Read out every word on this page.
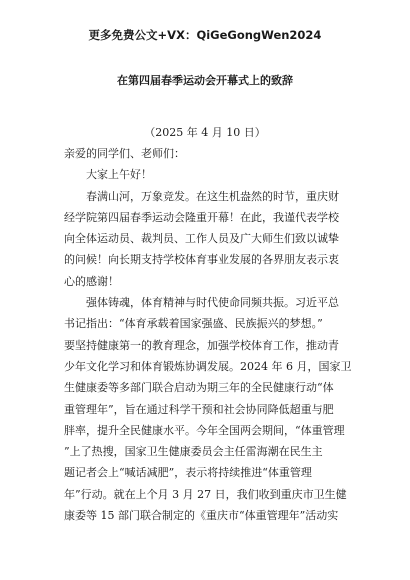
更多免费公文+VX：QiGeGongWen2024
在第四届春季运动会开幕式上的致辞
（2025 年 4 月 10 日）
亲爱的同学们、老师们：
大家上午好！
春满山河，万象竞发。在这生机盎然的时节，重庆财
经学院第四届春季运动会隆重开幕！在此，我谨代表学校
向全体运动员、裁判员、工作人员及广大师生们致以诚挚
的问候！向长期支持学校体育事业发展的各界朋友表示衷
心的感谢！
强体铸魂，体育精神与时代使命同频共振。习近平总
书记指出：“体育承载着国家强盛、民族振兴的梦想。”
要坚持健康第一的教育理念，加强学校体育工作，推动青
少年文化学习和体育锻炼协调发展。2024 年 6 月，国家卫
生健康委等多部门联合启动为期三年的全民健康行动“体
重管理年”，旨在通过科学干预和社会协同降低超重与肥
胖率，提升全民健康水平。今年全国两会期间，“体重管理
”上了热搜，国家卫生健康委员会主任雷海潮在民生主
题记者会上“喊话减肥”，表示将持续推进“体重管理
年”行动。就在上个月 3 月 27 日，我们收到重庆市卫生健
康委等 15 部门联合制定的《重庆市“体重管理年”活动实
